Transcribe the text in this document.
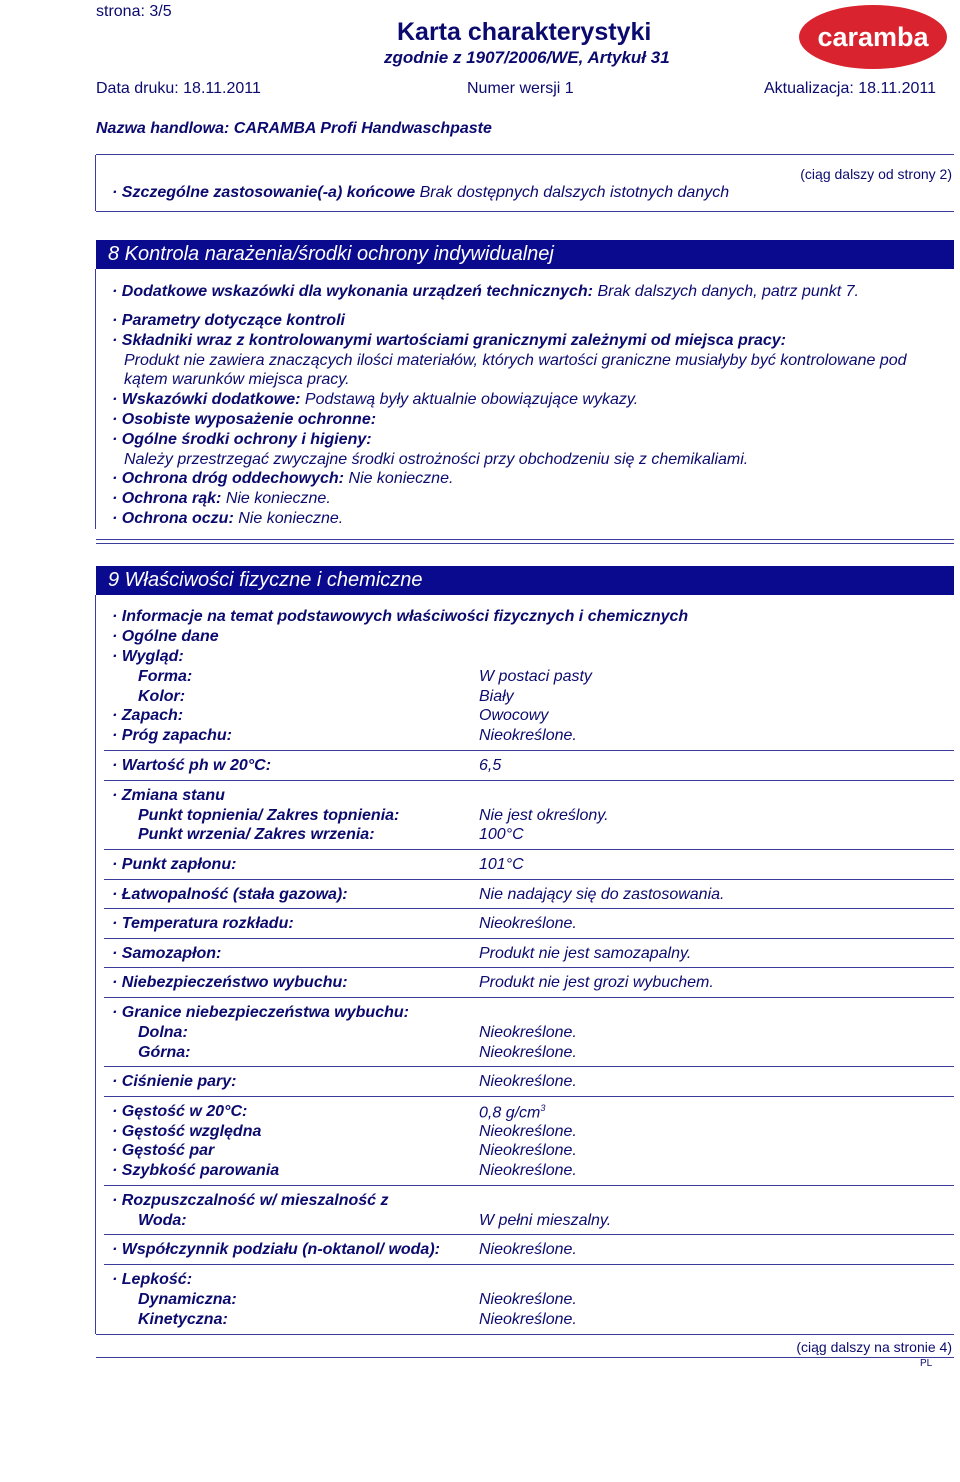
strona: 3/5
Karta charakterystyki
zgodnie z 1907/2006/WE, Artykuł 31
caramba
Data druku: 18.11.2011	Numer wersji 1	Aktualizacja: 18.11.2011
Nazwa handlowa: CARAMBA Profi Handwaschpaste
(ciąg dalszy od strony 2)
· Szczególne zastosowanie(-a) końcowe Brak dostępnych dalszych istotnych danych
8 Kontrola narażenia/środki ochrony indywidualnej
· Dodatkowe wskazówki dla wykonania urządzeń technicznych: Brak dalszych danych, patrz punkt 7.
· Parametry dotyczące kontroli
· Składniki wraz z kontrolowanymi wartościami granicznymi zależnymi od miejsca pracy:
Produkt nie zawiera znaczących ilości materiałów, których wartości graniczne musiałyby być kontrolowane pod kątem warunków miejsca pracy.
· Wskazówki dodatkowe: Podstawą były aktualnie obowiązujące wykazy.
· Osobiste wyposażenie ochronne:
· Ogólne środki ochrony i higieny:
Należy przestrzegać zwyczajne środki ostrożności przy obchodzeniu się z chemikaliami.
· Ochrona dróg oddechowych: Nie konieczne.
· Ochrona rąk: Nie konieczne.
· Ochrona oczu: Nie konieczne.
9 Właściwości fizyczne i chemiczne
· Informacje na temat podstawowych właściwości fizycznych i chemicznych
· Ogólne dane
· Wygląd:
Forma:	W postaci pasty
Kolor:	Biały
· Zapach:	Owocowy
· Próg zapachu:	Nieokreślone.
· Wartość ph w 20°C:	6,5
· Zmiana stanu
Punkt topnienia/ Zakres topnienia:	Nie jest określony.
Punkt wrzenia/ Zakres wrzenia:	100°C
· Punkt zapłonu:	101°C
· Łatwopalność (stała gazowa):	Nie nadający się do zastosowania.
· Temperatura rozkładu:	Nieokreślone.
· Samozapłon:	Produkt nie jest samozapalny.
· Niebezpieczeństwo wybuchu:	Produkt nie jest grozi wybuchem.
· Granice niebezpieczeństwa wybuchu:
Dolna:	Nieokreślone.
Górna:	Nieokreślone.
· Ciśnienie pary:	Nieokreślone.
· Gęstość w 20°C:	0,8 $g/cm^3$
· Gęstość względna	Nieokreślone.
· Gęstość par	Nieokreślone.
· Szybkość parowania	Nieokreślone.
· Rozpuszczalność w/ mieszalność z
Woda:	W pełni mieszalny.
· Współczynnik podziału (n-oktanol/ woda): Nieokreślone.
· Lepkość:
Dynamiczna:	Nieokreślone.
Kinetyczna:	Nieokreślone.
(ciąg dalszy na stronie 4)
PL
